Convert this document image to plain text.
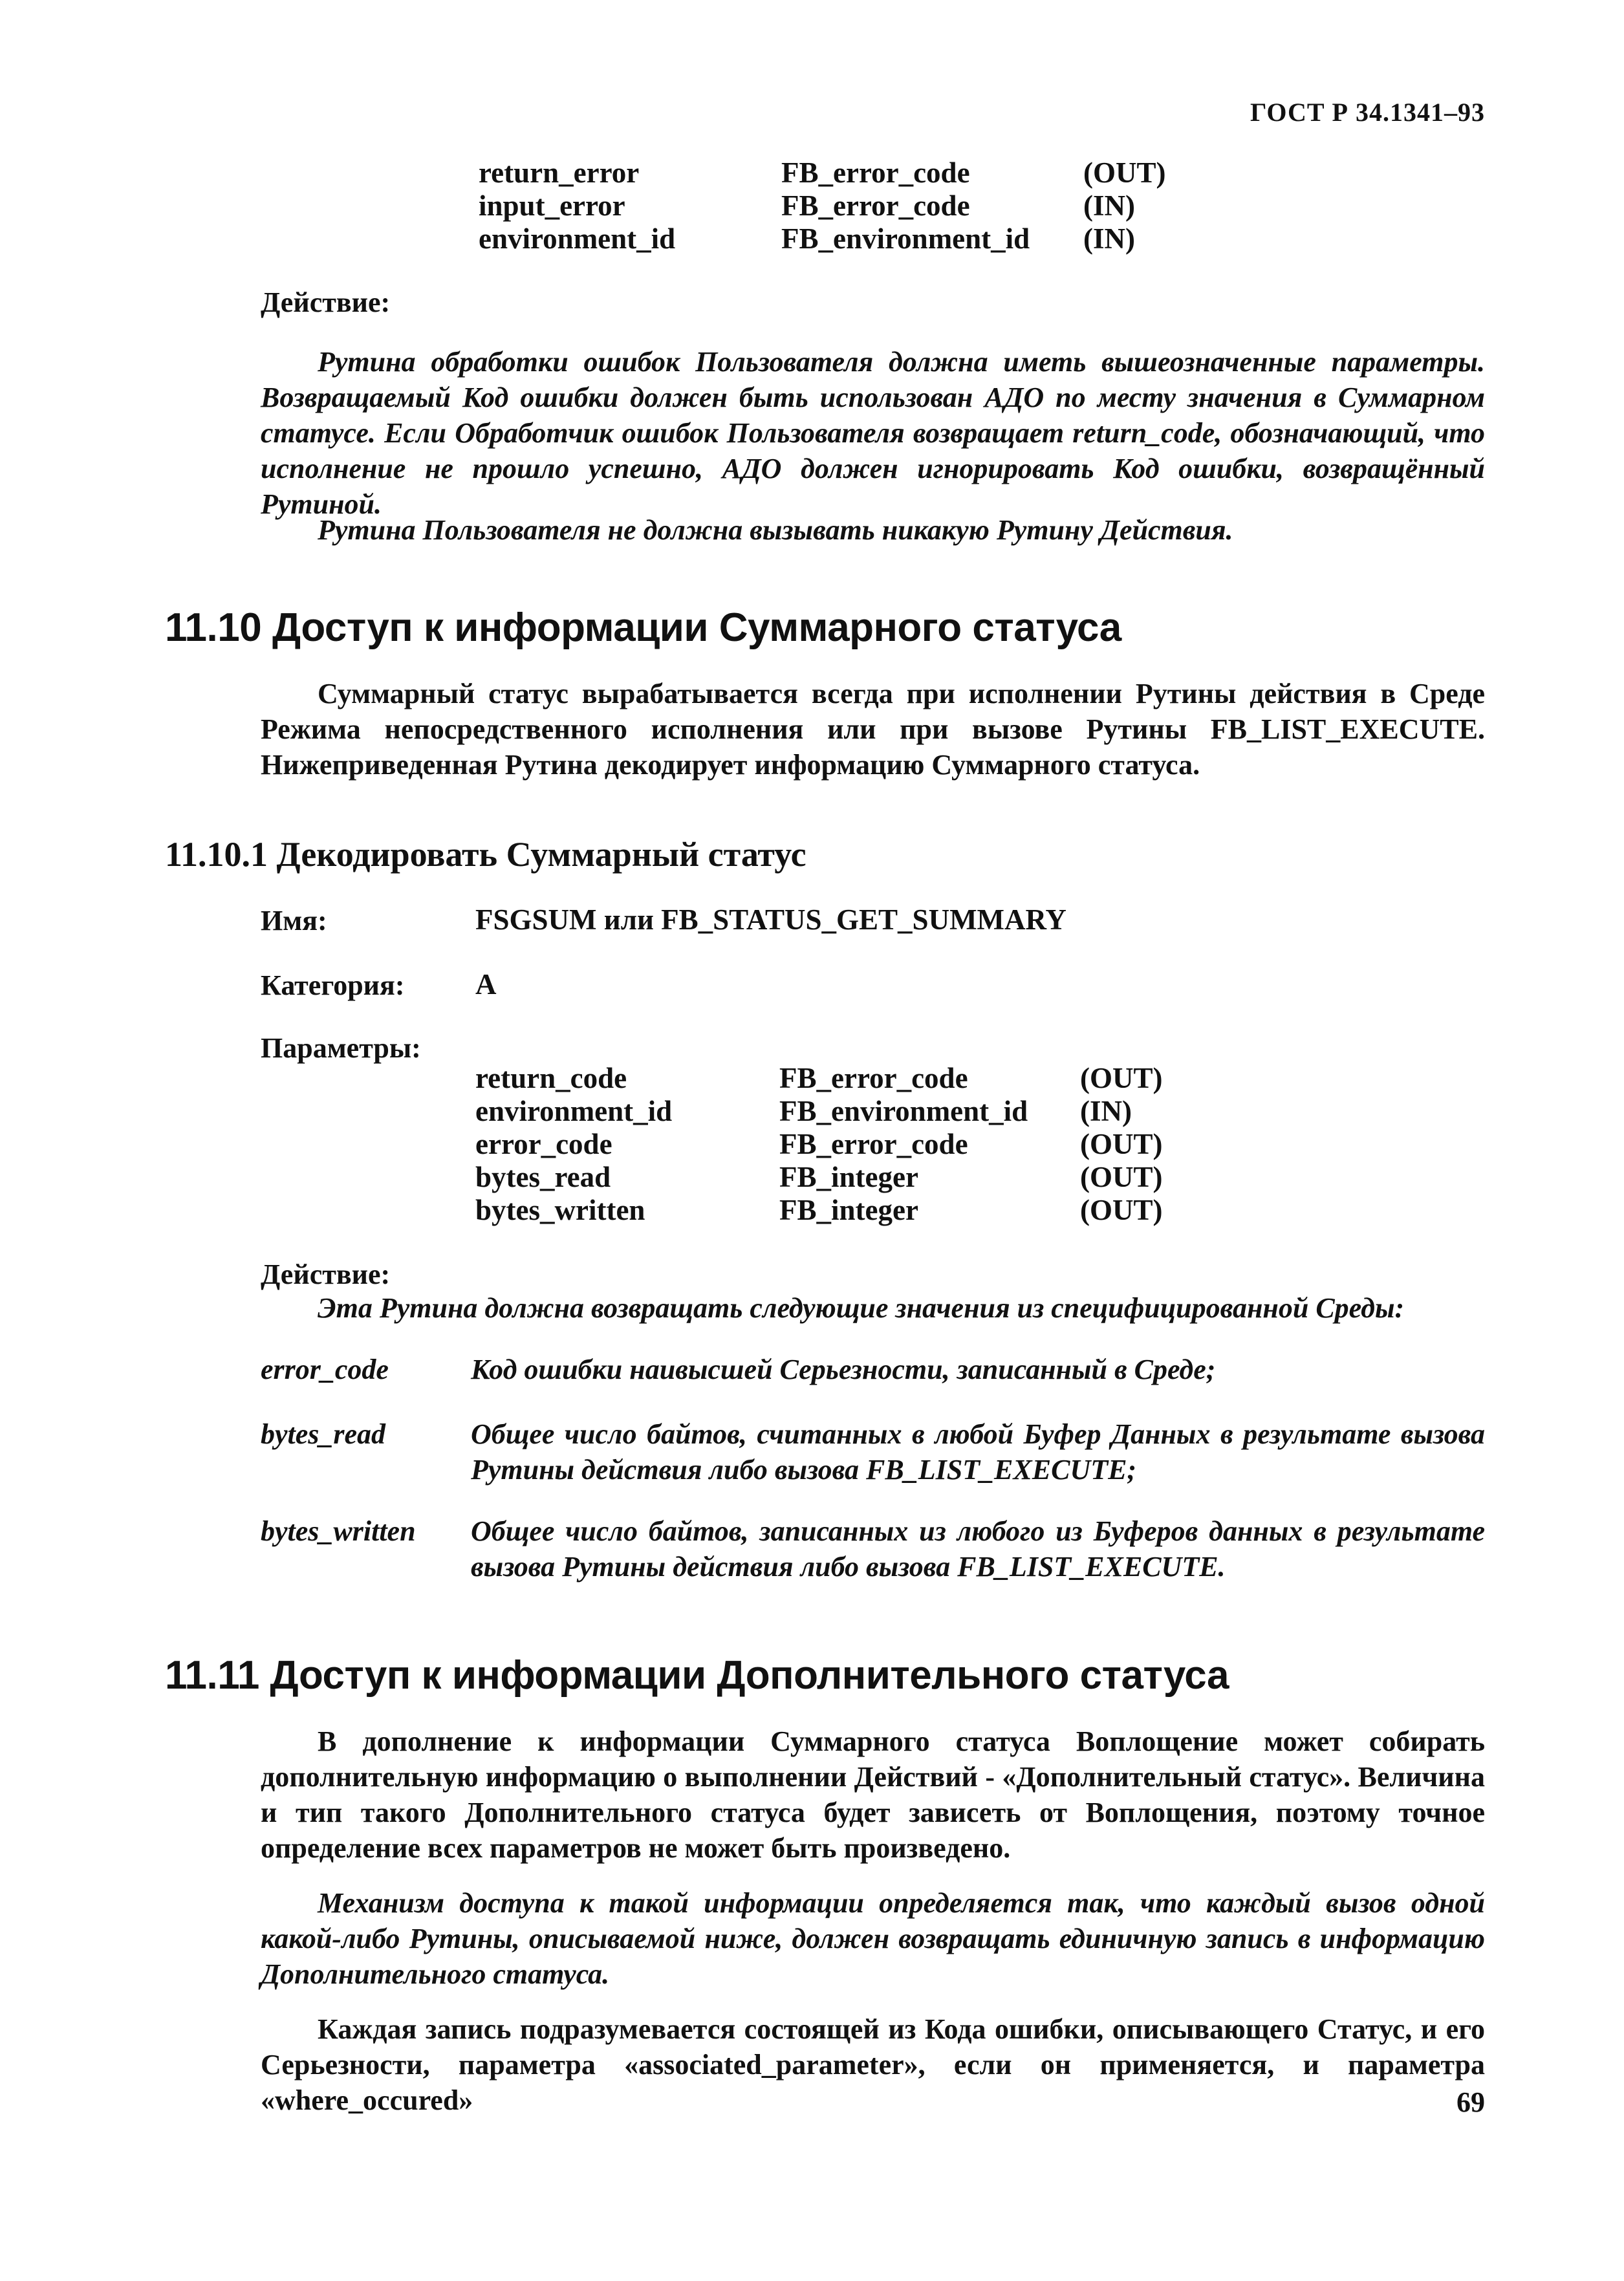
ГОСТ Р 34.1341–93
return_error	FB_error_code	(OUT)
input_error	FB_error_code	(IN)
environment_id	FB_environment_id (IN)
Действие:

Рутина обработки ошибок Пользователя должна иметь вышеозначенные параметры. Возвращаемый Код ошибки должен быть использован АДО по месту значения в Суммарном статусе. Если Обработчик ошибок Пользователя возвращает return_code, обозначающий, что исполнение не прошло успешно, АДО должен игнорировать Код ошибки, возвращённый Рутиной.

Рутина Пользователя не должна вызывать никакую Рутину Действия.

11.10 Доступ к информации Суммарного статуса

Суммарный статус вырабатывается всегда при исполнении Рутины действия в Среде Режима непосредственного исполнения или при вызове Рутины FB_LIST_EXECUTE. Нижеприведенная Рутина декодирует информацию Суммарного статуса.

11.10.1 Декодировать Суммарный статус
Имя:	FSGSUM или FB_STATUS_GET_SUMMARY
Категория: A
Параметры:
return_code	FB_error_code	(OUT)
environment_id	FB_environment_id (IN)
error_code	FB_error_code	(OUT)
bytes_read	FB_integer	(OUT)
bytes_written	FB_integer	(OUT)
Действие:

Эта Рутина должна возвращать следующие значения из специфицированной Среды:

error_code	Код ошибки наивысшей Серьезности, записанный в Среде;
bytes_read	Общее число байтов, считанных в любой Буфер Данных в результате вызова Рутины действия либо вызова FB_LIST_EXECUTE;
bytes_written Общее число байтов, записанных из любого из Буферов данных в результате вызова Рутины действия либо вызова FB_LIST_EXECUTE.
11.11 Доступ к информации Дополнительного статуса

В дополнение к информации Суммарного статуса Воплощение может собирать дополнительную информацию о выполнении Действий - «Дополнительный статус». Величина и тип такого Дополнительного статуса будет зависеть от Воплощения, поэтому точное определение всех параметров не может быть произведено.

Механизм доступа к такой информации определяется так, что каждый вызов одной какой-либо Рутины, описываемой ниже, должен возвращать единичную запись в информацию Дополнительного статуса.

Каждая запись подразумевается состоящей из Кода ошибки, описывающего Статус, и его Серьезности, параметра «associated_parameter», если он применяется, и параметра «where_occured»	69
